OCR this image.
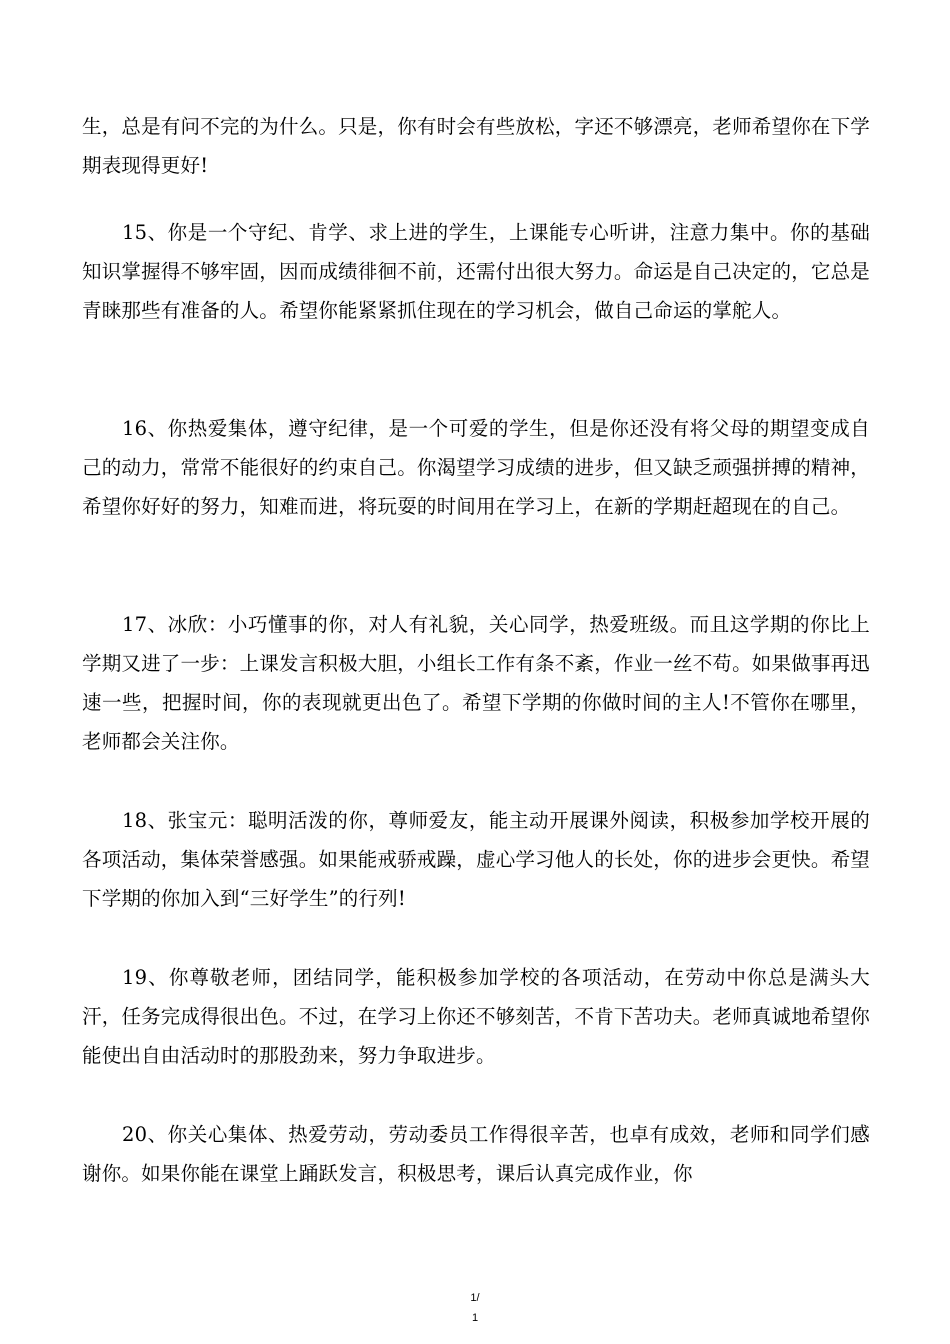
生，总是有问不完的为什么。只是，你有时会有些放松，字还不够漂亮，老师希望你在下学期表现得更好!

15、你是一个守纪、肯学、求上进的学生，上课能专心听讲，注意力集中。你的基础知识掌握得不够牢固，因而成绩徘徊不前，还需付出很大努力。命运是自己决定的，它总是青睐那些有准备的人。希望你能紧紧抓住现在的学习机会，做自己命运的掌舵人。

16、你热爱集体，遵守纪律，是一个可爱的学生，但是你还没有将父母的期望变成自己的动力，常常不能很好的约束自己。你渴望学习成绩的进步，但又缺乏顽强拼搏的精神，希望你好好的努力，知难而进，将玩耍的时间用在学习上，在新的学期赶超现在的自己。

17、冰欣：小巧懂事的你，对人有礼貌，关心同学，热爱班级。而且这学期的你比上学期又进了一步：上课发言积极大胆，小组长工作有条不紊，作业一丝不苟。如果做事再迅速一些，把握时间，你的表现就更出色了。希望下学期的你做时间的主人!不管你在哪里，老师都会关注你。

18、张宝元：聪明活泼的你，尊师爱友，能主动开展课外阅读，积极参加学校开展的各项活动，集体荣誉感强。如果能戒骄戒躁，虚心学习他人的长处，你的进步会更快。希望下学期的你加入到“三好学生”的行列!

19、你尊敬老师，团结同学，能积极参加学校的各项活动，在劳动中你总是满头大汗，任务完成得很出色。不过，在学习上你还不够刻苦，不肯下苦功夫。老师真诚地希望你能使出自由活动时的那股劲来，努力争取进步。

20、你关心集体、热爱劳动，劳动委员工作得很辛苦，也卓有成效，老师和同学们感谢你。如果你能在课堂上踊跃发言，积极思考，课后认真完成作业，你

1/
1
